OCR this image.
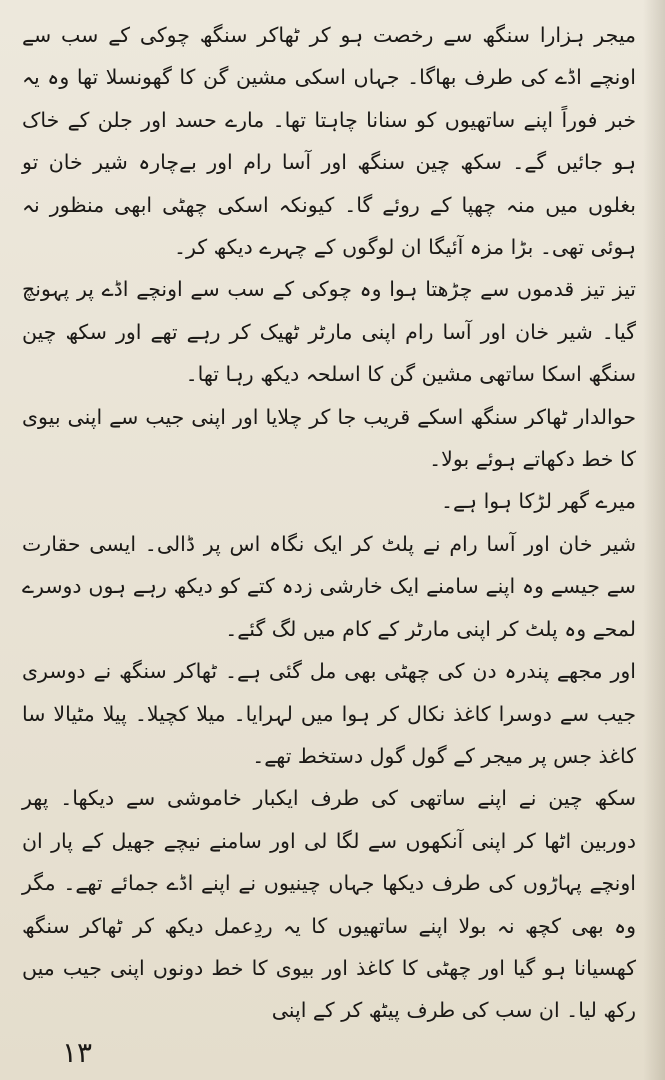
میجر ہزارا سنگھ سے رخصت ہو کر ٹھاکر سنگھ چوکی کے سب سے اونچے اڈے کی طرف بھاگا۔ جہاں اسکی مشین گن کا گھونسلا تھا وہ یہ خبر فوراً اپنے ساتھیوں کو سنانا چاہتا تھا۔ مارے حسد اور جلن کے خاک ہو جائیں گے۔ سکھ چین سنگھ اور آسا رام اور بےچارہ شیر خان تو بغلوں میں منہ چھپا کے روئے گا۔ کیونکہ اسکی چھٹی ابھی منظور نہ ہوئی تھی۔ بڑا مزہ آئیگا ان لوگوں کے چہرے دیکھ کر۔

تیز تیز قدموں سے چڑھتا ہوا وہ چوکی کے سب سے اونچے اڈے پر پہونچ گیا۔ شیر خان اور آسا رام اپنی مارٹر ٹھیک کر رہے تھے اور سکھ چین سنگھ اسکا ساتھی مشین گن کا اسلحہ دیکھ رہا تھا۔

حوالدار ٹھاکر سنگھ اسکے قریب جا کر چلایا اور اپنی جیب سے اپنی بیوی کا خط دکھاتے ہوئے بولا۔

میرے گھر لڑکا ہوا ہے۔

شیر خان اور آسا رام نے پلٹ کر ایک نگاہ اس پر ڈالی۔ ایسی حقارت سے جیسے وہ اپنے سامنے ایک خارشی زدہ کتے کو دیکھ رہے ہوں دوسرے لمحے وہ پلٹ کر اپنی مارٹر کے کام میں لگ گئے۔

اور مجھے پندرہ دن کی چھٹی بھی مل گئی ہے۔ ٹھاکر سنگھ نے دوسری جیب سے دوسرا کاغذ نکال کر ہوا میں لہرایا۔ میلا کچیلا۔ پیلا مٹیالا سا کاغذ جس پر میجر کے گول گول دستخط تھے۔

سکھ چین نے اپنے ساتھی کی طرف ایکبار خاموشی سے دیکھا۔ پھر دوربین اٹھا کر اپنی آنکھوں سے لگا لی اور سامنے نیچے جھیل کے پار ان اونچے پہاڑوں کی طرف دیکھا جہاں چینیوں نے اپنے اڈے جمائے تھے۔ مگر وہ بھی کچھ نہ بولا اپنے ساتھیوں کا یہ ردِعمل دیکھ کر ٹھاکر سنگھ کھسیانا ہو گیا اور چھٹی کا کاغذ اور بیوی کا خط دونوں اپنی جیب میں رکھ لیا۔ ان سب کی طرف پیٹھ کر کے اپنی

۱۳
